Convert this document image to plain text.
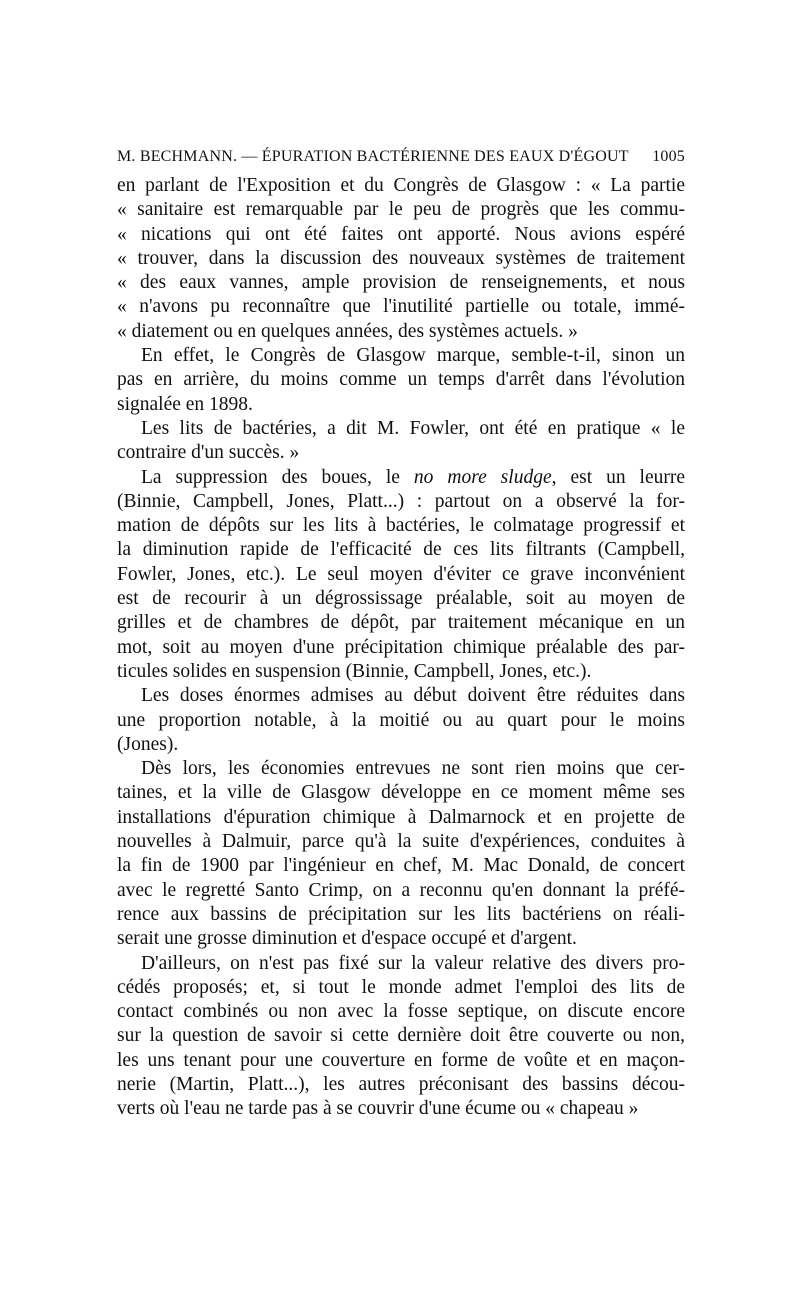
M. BECHMANN. — ÉPURATION BACTÉRIENNE DES EAUX D'ÉGOUT 1005

en parlant de l'Exposition et du Congrès de Glasgow : « La partie
« sanitaire est remarquable par le peu de progrès que les commu-
« nications qui ont été faites ont apporté. Nous avions espéré
« trouver, dans la discussion des nouveaux systèmes de traitement
« des eaux vannes, ample provision de renseignements, et nous
« n'avons pu reconnaître que l'inutilité partielle ou totale, immé-
« diatement ou en quelques années, des systèmes actuels. »

En effet, le Congrès de Glasgow marque, semble-t-il, sinon un
pas en arrière, du moins comme un temps d'arrêt dans l'évolution
signalée en 1898.

Les lits de bactéries, a dit M. Fowler, ont été en pratique « le
contraire d'un succès. »

La suppression des boues, le no more sludge, est un leurre
(Binnie, Campbell, Jones, Platt...) : partout on a observé la for-
mation de dépôts sur les lits à bactéries, le colmatage progressif et
la diminution rapide de l'efficacité de ces lits filtrants (Campbell,
Fowler, Jones, etc.). Le seul moyen d'éviter ce grave inconvénient
est de recourir à un dégrossissage préalable, soit au moyen de
grilles et de chambres de dépôt, par traitement mécanique en un
mot, soit au moyen d'une précipitation chimique préalable des par-
ticules solides en suspension (Binnie, Campbell, Jones, etc.).

Les doses énormes admises au début doivent être réduites dans
une proportion notable, à la moitié ou au quart pour le moins
(Jones).

Dès lors, les économies entrevues ne sont rien moins que cer-
taines, et la ville de Glasgow développe en ce moment même ses
installations d'épuration chimique à Dalmarnock et en projette de
nouvelles à Dalmuir, parce qu'à la suite d'expériences, conduites à
la fin de 1900 par l'ingénieur en chef, M. Mac Donald, de concert
avec le regretté Santo Crimp, on a reconnu qu'en donnant la préfé-
rence aux bassins de précipitation sur les lits bactériens on réali-
serait une grosse diminution et d'espace occupé et d'argent.

D'ailleurs, on n'est pas fixé sur la valeur relative des divers pro-
cédés proposés; et, si tout le monde admet l'emploi des lits de
contact combinés ou non avec la fosse septique, on discute encore
sur la question de savoir si cette dernière doit être couverte ou non,
les uns tenant pour une couverture en forme de voûte et en maçon-
nerie (Martin, Platt...), les autres préconisant des bassins décou-
verts où l'eau ne tarde pas à se couvrir d'une écume ou « chapeau »
